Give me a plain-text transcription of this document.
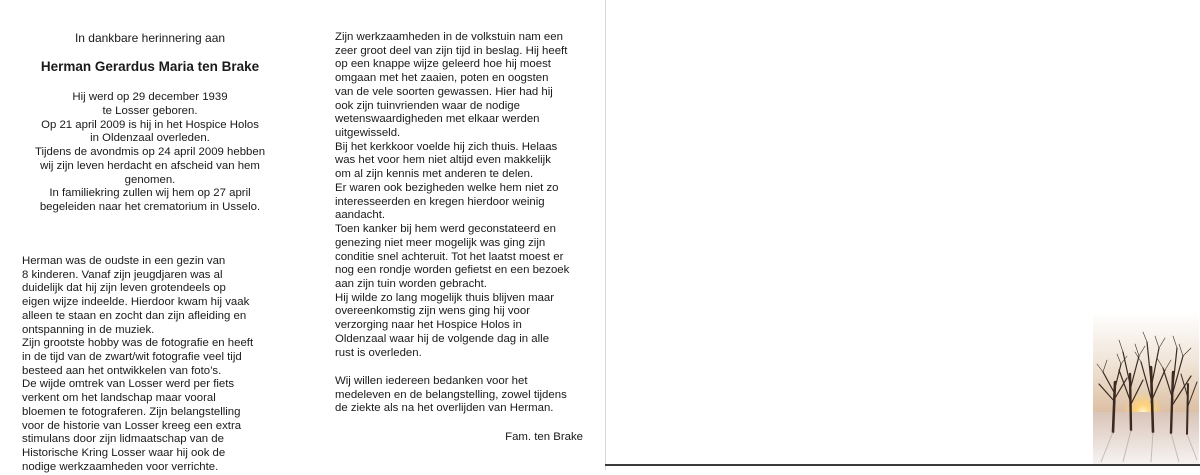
In dankbare herinnering aan
Herman Gerardus Maria ten Brake
Hij werd op 29 december 1939
te Losser geboren.
Op 21 april 2009 is hij in het Hospice Holos
in Oldenzaal overleden.
Tijdens de avondmis op 24 april 2009 hebben
wij zijn leven herdacht en afscheid van hem
genomen.
In familiekring zullen wij hem op 27 april
begeleiden naar het crematorium in Usselo.
Herman was de oudste in een gezin van
8 kinderen. Vanaf zijn jeugdjaren was al
duidelijk dat hij zijn leven grotendeels op
eigen wijze indeelde. Hierdoor kwam hij vaak
alleen te staan en zocht dan zijn afleiding en
ontspanning in de muziek.
Zijn grootste hobby was de fotografie en heeft
in de tijd van de zwart/wit fotografie veel tijd
besteed aan het ontwikkelen van foto’s.
De wijde omtrek van Losser werd per fiets
verkent om het landschap maar vooral
bloemen te fotograferen. Zijn belangstelling
voor de historie van Losser kreeg een extra
stimulans door zijn lidmaatschap van de
Historische Kring Losser waar hij ook de
nodige werkzaamheden voor verrichte.
Zijn werkzaamheden in de volkstuin nam een
zeer groot deel van zijn tijd in beslag. Hij heeft
op een knappe wijze geleerd hoe hij moest
omgaan met het zaaien, poten en oogsten
van de vele soorten gewassen. Hier had hij
ook zijn tuinvrienden waar de nodige
wetenswaardigheden met elkaar werden
uitgewisseld.
Bij het kerkkoor voelde hij zich thuis. Helaas
was het voor hem niet altijd even makkelijk
om al zijn kennis met anderen te delen.
Er waren ook bezigheden welke hem niet zo
interesseerden en kregen hierdoor weinig
aandacht.
Toen kanker bij hem werd geconstateerd en
genezing niet meer mogelijk was ging zijn
conditie snel achteruit. Tot het laatst moest er
nog een rondje worden gefietst en een bezoek
aan zijn tuin worden gebracht.
Hij wilde zo lang mogelijk thuis blijven maar
overeenkomstig zijn wens ging hij voor
verzorging naar het Hospice Holos in
Oldenzaal waar hij de volgende dag in alle
rust is overleden.
Wij willen iedereen bedanken voor het
medeleven en de belangstelling, zowel tijdens
de ziekte als na het overlijden van Herman.
Fam. ten Brake
